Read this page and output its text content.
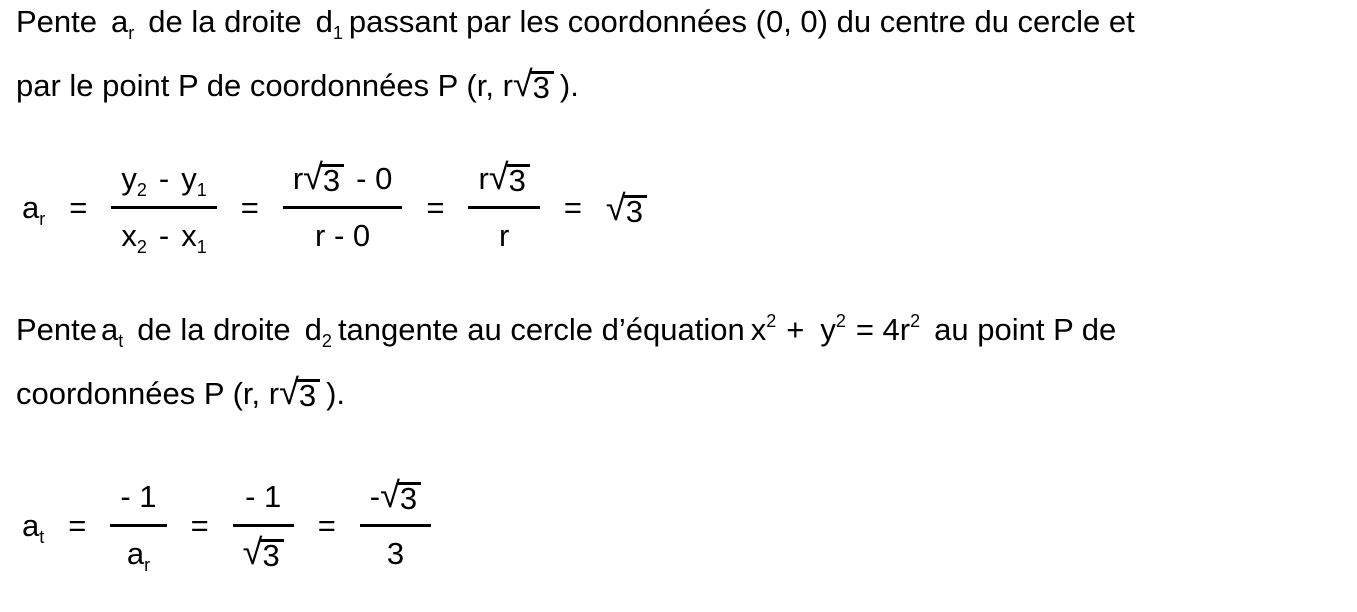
Pente $a_r$ de la droite $d_1$ passant par les coordonnées (0, 0) du centre du cercle et
par le point P de coordonnées P (r, r √ 3 ).
$a_r = \frac{y_2 - y_1}{x_2 - x_1} = \frac{r √ 3 - 0}{r - 0} = \frac{r √ 3}{r}$ = √ 3
Pente $a_t$ de la droite $d_2$ tangente au cercle d’équation $x^2 + y^2 = 4r^2$ au point P de
coordonnées P (r, r √ 3 ).
$a_t = \frac{- 1}{a_r} = \frac{- 1}{√ 3} = \frac{- √ 3}{3}$
